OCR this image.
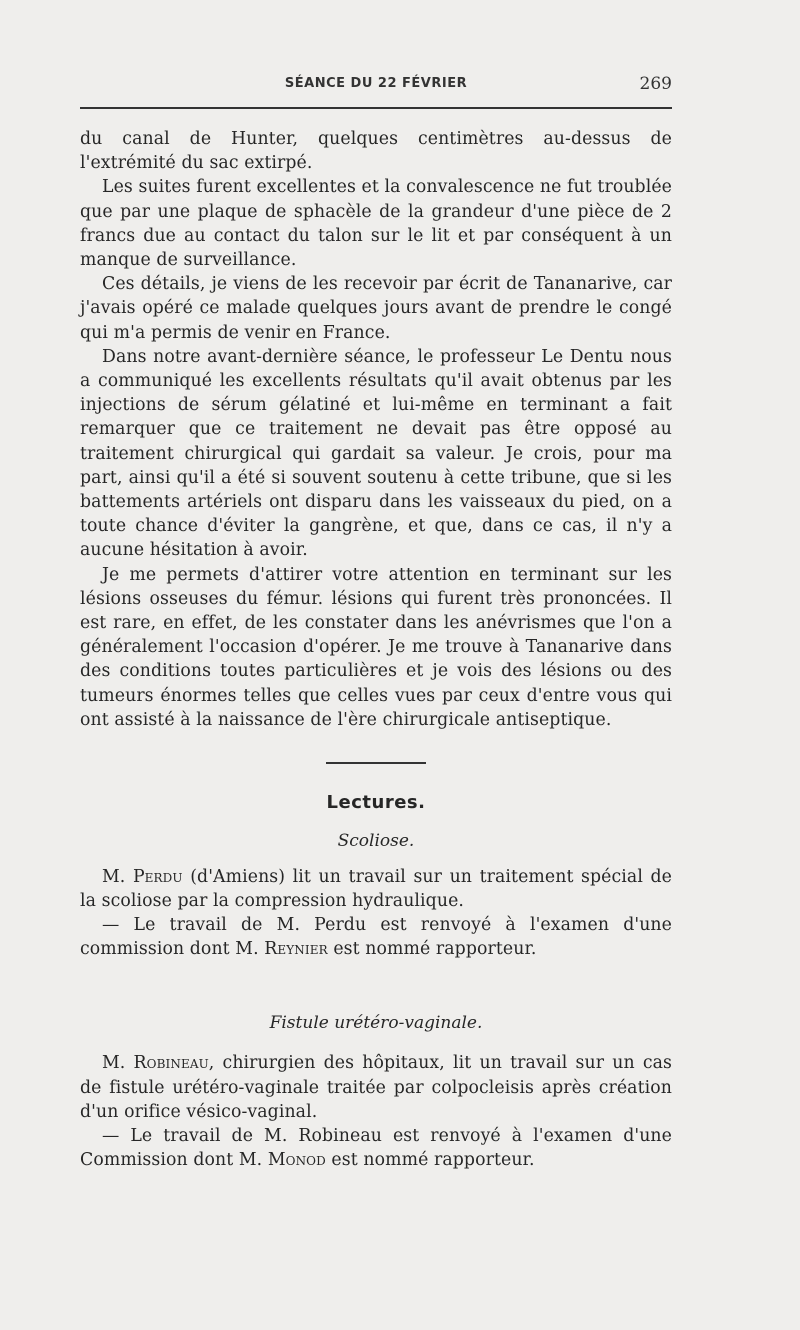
SÉANCE DU 22 FÉVRIER	269

du canal de Hunter, quelques centimètres au-dessus de l'extrémité du sac extirpé.

Les suites furent excellentes et la convalescence ne fut troublée que par une plaque de sphacèle de la grandeur d'une pièce de 2 francs due au contact du talon sur le lit et par conséquent à un manque de surveillance.

Ces détails, je viens de les recevoir par écrit de Tananarive, car j'avais opéré ce malade quelques jours avant de prendre le congé qui m'a permis de venir en France.

Dans notre avant-dernière séance, le professeur Le Dentu nous a communiqué les excellents résultats qu'il avait obtenus par les injections de sérum gélatiné et lui-même en terminant a fait remarquer que ce traitement ne devait pas être opposé au traitement chirurgical qui gardait sa valeur. Je crois, pour ma part, ainsi qu'il a été si souvent soutenu à cette tribune, que si les battements artériels ont disparu dans les vaisseaux du pied, on a toute chance d'éviter la gangrène, et que, dans ce cas, il n'y a aucune hésitation à avoir.

Je me permets d'attirer votre attention en terminant sur les lésions osseuses du fémur. lésions qui furent très prononcées. Il est rare, en effet, de les constater dans les anévrismes que l'on a généralement l'occasion d'opérer. Je me trouve à Tananarive dans des conditions toutes particulières et je vois des lésions ou des tumeurs énormes telles que celles vues par ceux d'entre vous qui ont assisté à la naissance de l'ère chirurgicale antiseptique.

Lectures.
Scoliose.

M. Perdu (d'Amiens) lit un travail sur un traitement spécial de la scoliose par la compression hydraulique.

— Le travail de M. Perdu est renvoyé à l'examen d'une commission dont M. Reynier est nommé rapporteur.

Fistule urétéro-vaginale.

M. Robineau, chirurgien des hôpitaux, lit un travail sur un cas de fistule urétéro-vaginale traitée par colpocleisis après création d'un orifice vésico-vaginal.

— Le travail de M. Robineau est renvoyé à l'examen d'une Commission dont M. Monod est nommé rapporteur.
